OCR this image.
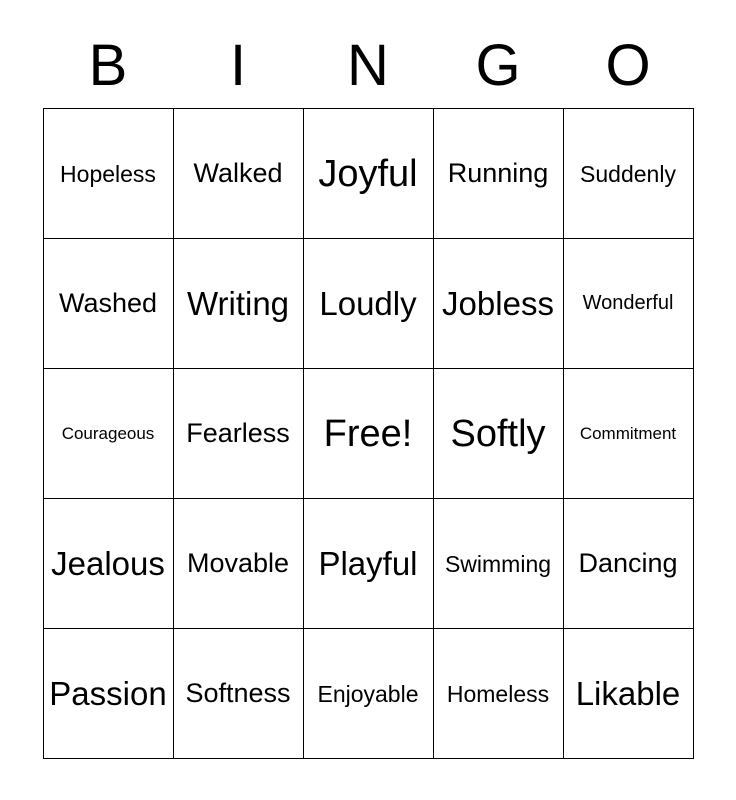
B	I	N	G	O
Hopeless	Walked	Joyful	Running	Suddenly
Washed	Writing	Loudly	Jobless	Wonderful
Courageous	Fearless	Free!	Softly	Commitment
Jealous	Movable	Playful	Swimming	Dancing
Passion	Softness	Enjoyable	Homeless	Likable
